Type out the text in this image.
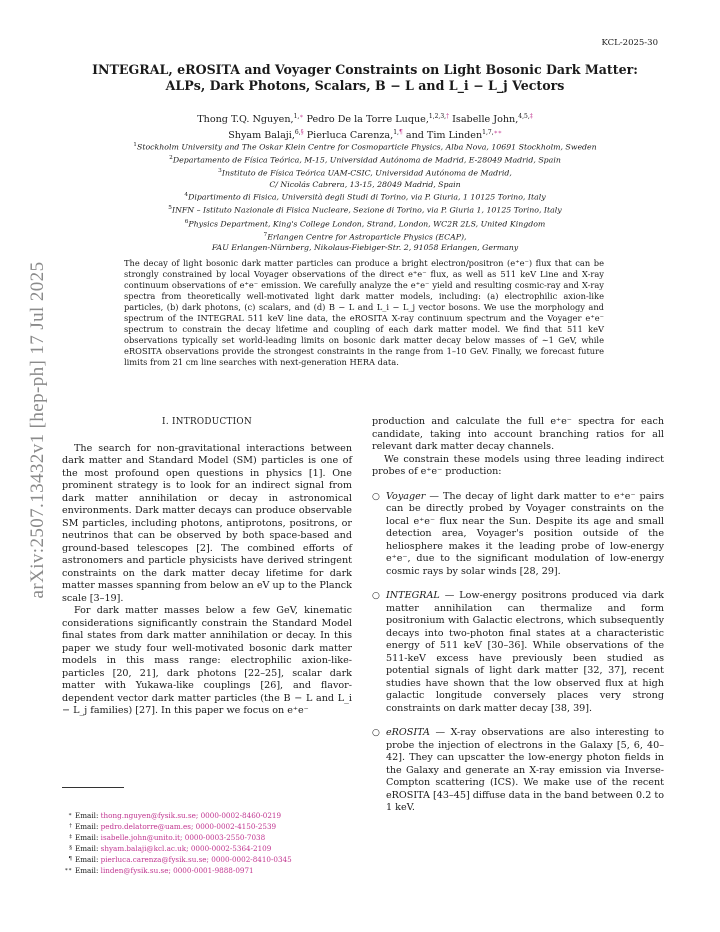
KCL-2025-30
arXiv:2507.13432v1 [hep-ph] 17 Jul 2025
INTEGRAL, eROSITA and Voyager Constraints on Light Bosonic Dark Matter:
ALPs, Dark Photons, Scalars, B − L and L_i − L_j Vectors
Thong T.Q. Nguyen,$^{1,∗}$ Pedro De la Torre Luque,$^{1,2,3,\dagger}$ Isabelle John,$^{4,5,\ddagger}$
Shyam Balaji,$^{6,\S}$ Pierluca Carenza,$^{1,\P}$ and Tim Linden$^{1,7,∗∗}$
$^1$Stockholm University and The Oskar Klein Centre for Cosmoparticle Physics, Alba Nova, 10691 Stockholm, Sweden
$^2$Departamento de Física Teórica, M-15, Universidad Autónoma de Madrid, E-28049 Madrid, Spain
$^3$Instituto de Física Teórica UAM-CSIC, Universidad Autónoma de Madrid,
C/ Nicolás Cabrera, 13-15, 28049 Madrid, Spain
$^4$Dipartimento di Fisica, Università degli Studi di Torino, via P. Giuria, 1 10125 Torino, Italy
$^5$INFN – Istituto Nazionale di Fisica Nucleare, Sezione di Torino, via P. Giuria 1, 10125 Torino, Italy
$^6$Physics Department, King's College London, Strand, London, WC2R 2LS, United Kingdom
$^7$Erlangen Centre for Astroparticle Physics (ECAP),
FAU Erlangen-Nürnberg, Nikolaus-Fiebiger-Str. 2, 91058 Erlangen, Germany
The decay of light bosonic dark matter particles can produce a bright electron/positron (e⁺e⁻) flux that can be strongly constrained by local Voyager observations of the direct e⁺e⁻ flux, as well as 511 keV Line and X-ray continuum observations of e⁺e⁻ emission. We carefully analyze the e⁺e⁻ yield and resulting cosmic-ray and X-ray spectra from theoretically well-motivated light dark matter models, including: (a) electrophilic axion-like particles, (b) dark photons, (c) scalars, and (d) B − L and L_i − L_j vector bosons. We use the morphology and spectrum of the INTEGRAL 511 keV line data, the eROSITA X-ray continuum spectrum and the Voyager e⁺e⁻ spectrum to constrain the decay lifetime and coupling of each dark matter model. We find that 511 keV observations typically set world-leading limits on bosonic dark matter decay below masses of ∼1 GeV, while eROSITA observations provide the strongest constraints in the range from 1–10 GeV. Finally, we forecast future limits from 21 cm line searches with next-generation HERA data.
I. INTRODUCTION

The search for non-gravitational interactions between dark matter and Standard Model (SM) particles is one of the most profound open questions in physics [1]. One prominent strategy is to look for an indirect signal from dark matter annihilation or decay in astronomical environments. Dark matter decays can produce observable SM particles, including photons, antiprotons, positrons, or neutrinos that can be observed by both space-based and ground-based telescopes [2]. The combined efforts of astronomers and particle physicists have derived stringent constraints on the dark matter decay lifetime for dark matter masses spanning from below an eV up to the Planck scale [3–19].

For dark matter masses below a few GeV, kinematic considerations significantly constrain the Standard Model final states from dark matter annihilation or decay. In this paper we study four well-motivated bosonic dark matter models in this mass range: electrophilic axion-like-particles [20, 21], dark photons [22–25], scalar dark matter with Yukawa-like couplings [26], and flavor-dependent vector dark matter particles (the B − L and L_i − L_j families) [27]. In this paper we focus on e⁺e⁻

production and calculate the full e⁺e⁻ spectra for each candidate, taking into account branching ratios for all relevant dark matter decay channels.

We constrain these models using three leading indirect probes of e⁺e⁻ production:

○ Voyager — The decay of light dark matter to e⁺e⁻ pairs can be directly probed by Voyager constraints on the local e⁺e⁻ flux near the Sun. Despite its age and small detection area, Voyager's position outside of the heliosphere makes it the leading probe of low-energy e⁺e⁻, due to the significant modulation of low-energy cosmic rays by solar winds [28, 29].
○ INTEGRAL — Low-energy positrons produced via dark matter annihilation can thermalize and form positronium with Galactic electrons, which subsequently decays into two-photon final states at a characteristic energy of 511 keV [30–36]. While observations of the 511-keV excess have previously been studied as potential signals of light dark matter [32, 37], recent studies have shown that the low observed flux at high galactic longitude conversely places very strong constraints on dark matter decay [38, 39].
○ eROSITA — X-ray observations are also interesting to probe the injection of electrons in the Galaxy [5, 6, 40–42]. They can upscatter the low-energy photon fields in the Galaxy and generate an X-ray emission via Inverse-Compton scattering (ICS). We make use of the recent eROSITA [43–45] diffuse data in the band between 0.2 to 1 keV.
∗ Email: thong.nguyen@fysik.su.se; 0000-0002-8460-0219
† Email: pedro.delatorre@uam.es; 0000-0002-4150-2539
‡ Email: isabelle.john@unito.it; 0000-0003-2550-7038
§ Email: shyam.balaji@kcl.ac.uk; 0000-0002-5364-2109
¶ Email: pierluca.carenza@fysik.su.se; 0000-0002-8410-0345
∗∗ Email: linden@fysik.su.se; 0000-0001-9888-0971
